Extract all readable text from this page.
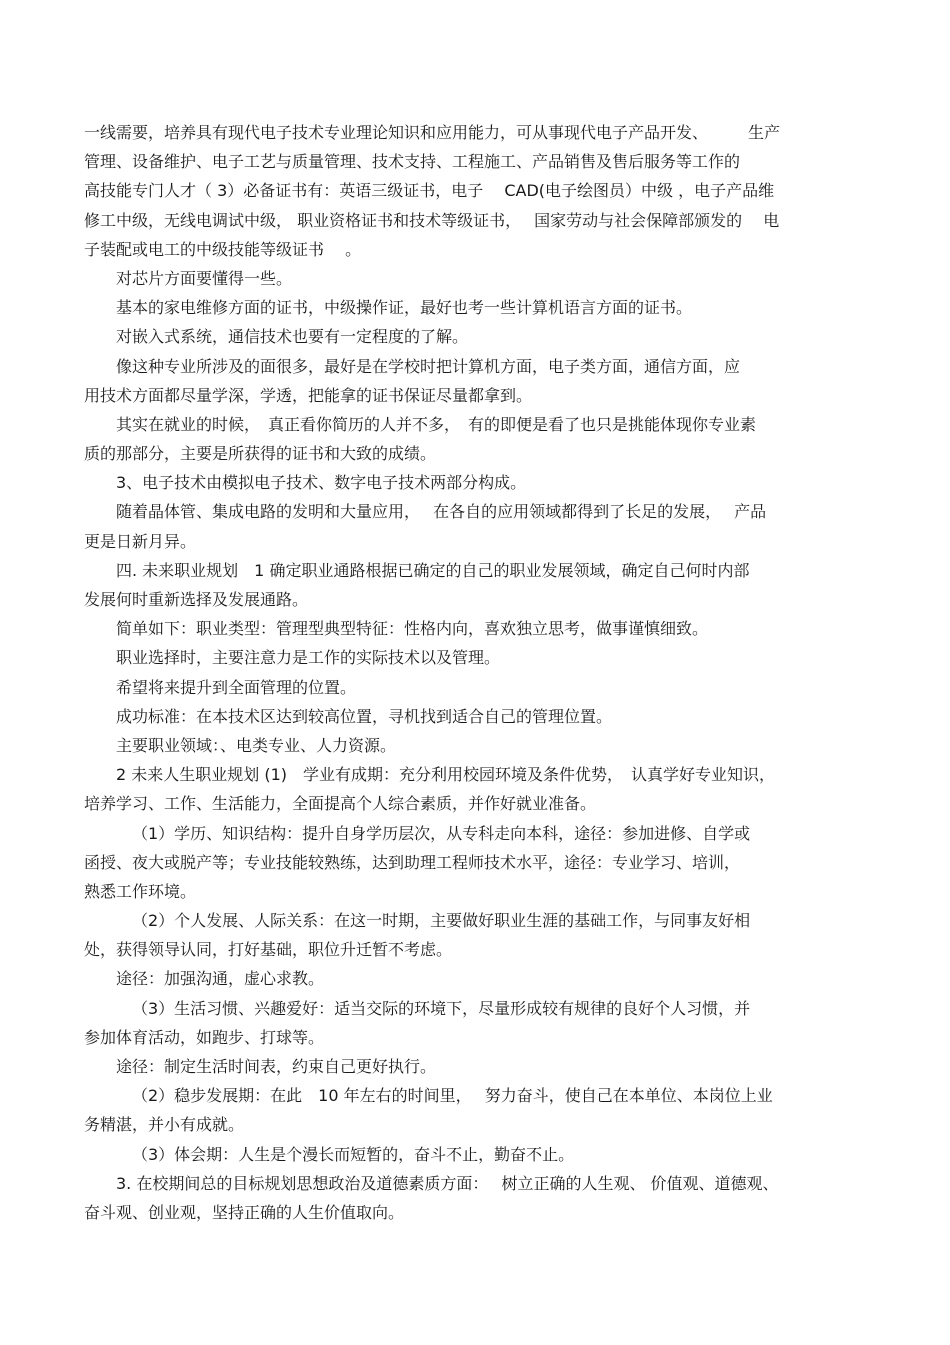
一线需要，培养具有现代电子技术专业理论知识和应用能力，可从事现代电子产品开发、　　　生产
管理、设备维护、电子工艺与质量管理、技术支持、工程施工、产品销售及售后服务等工作的
高技能专门人才（ 3）必备证书有：英语三级证书，电子　 CAD(电子绘图员）中级 ，电子产品维
修工中级，无线电调试中级， 职业资格证书和技术等级证书，　 国家劳动与社会保障部颁发的　 电
子装配或电工的中级技能等级证书　 。
对芯片方面要懂得一些。
基本的家电维修方面的证书，中级操作证，最好也考一些计算机语言方面的证书。
对嵌入式系统，通信技术也要有一定程度的了解。
像这种专业所涉及的面很多，最好是在学校时把计算机方面，电子类方面，通信方面，应
用技术方面都尽量学深，学透，把能拿的证书保证尽量都拿到。
其实在就业的时候，　真正看你简历的人并不多，　有的即便是看了也只是挑能体现你专业素
质的那部分，主要是所获得的证书和大致的成绩。
3、电子技术由模拟电子技术、数字电子技术两部分构成。
随着晶体管、集成电路的发明和大量应用，　 在各自的应用领域都得到了长足的发展，　 产品
更是日新月异。
四. 未来职业规划　1 确定职业通路根据已确定的自己的职业发展领域，确定自己何时内部
发展何时重新选择及发展通路。
简单如下：职业类型：管理型典型特征：性格内向，喜欢独立思考，做事谨慎细致。
职业选择时，主要注意力是工作的实际技术以及管理。
希望将来提升到全面管理的位置。
成功标准：在本技术区达到较高位置，寻机找到适合自己的管理位置。
主要职业领域：、电类专业、人力资源。
2 未来人生职业规划 (1)　学业有成期：充分利用校园环境及条件优势，　认真学好专业知识，
培养学习、工作、生活能力，全面提高个人综合素质，并作好就业准备。
（1）学历、知识结构：提升自身学历层次，从专科走向本科，途径：参加进修、自学或
函授、夜大或脱产等；专业技能较熟练，达到助理工程师技术水平，途径：专业学习、培训，
熟悉工作环境。
（2）个人发展、人际关系：在这一时期，主要做好职业生涯的基础工作，与同事友好相
处，获得领导认同，打好基础，职位升迁暂不考虑。
途径：加强沟通，虚心求教。
（3）生活习惯、兴趣爱好：适当交际的环境下，尽量形成较有规律的良好个人习惯，并
参加体育活动，如跑步、打球等。
途径：制定生活时间表，约束自己更好执行。
（2）稳步发展期：在此　10 年左右的时间里，　 努力奋斗，使自己在本单位、本岗位上业
务精湛，并小有成就。
（3）体会期：人生是个漫长而短暂的，奋斗不止，勤奋不止。
3. 在校期间总的目标规划思想政治及道德素质方面：　 树立正确的人生观、 价值观、道德观、
奋斗观、创业观，坚持正确的人生价值取向。
